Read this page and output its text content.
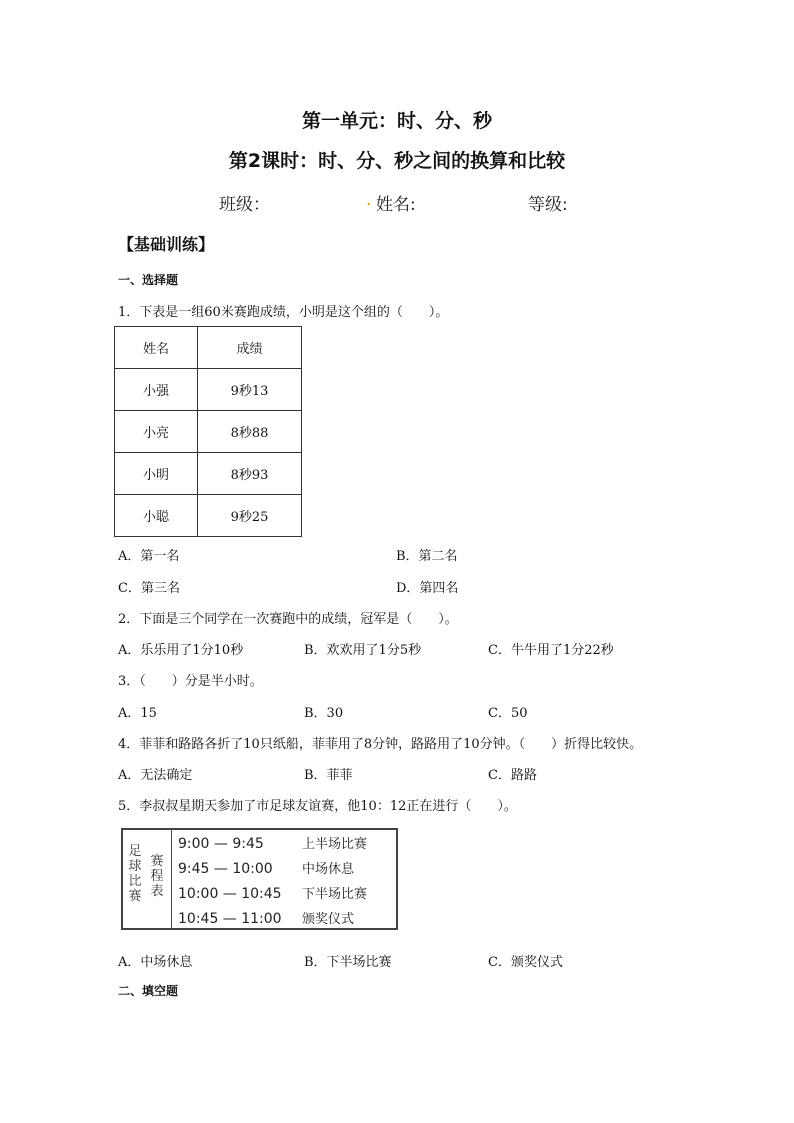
第一单元：时、分、秒
第2课时：时、分、秒之间的换算和比较
班级：	. 姓名:	等级:
【基础训练】
一、选择题
1．下表是一组60米赛跑成绩，小明是这个组的（　　）。
姓名	成绩
小强	9秒13
小亮	8秒88
小明	8秒93
小聪	9秒25
A．第一名	B．第二名
C．第三名	D．第四名
2．下面是三个同学在一次赛跑中的成绩，冠军是（　　）。
A．乐乐用了1分10秒	B．欢欢用了1分5秒	C．牛牛用了1分22秒
3．（　　）分是半小时。
A．15	B．30	C．50
4．菲菲和路路各折了10只纸船，菲菲用了8分钟，路路用了10分钟。（　　）折得比较快。
A．无法确定	B．菲菲	C．路路
5．李叔叔星期天参加了市足球友谊赛，他10：12正在进行（　　）。
足球比赛
赛程表
9:00 — 9:45	上半场比赛
9:45 — 10:00 中场休息
10:00 — 10:45 下半场比赛
10:45 — 11:00 颁奖仪式
A．中场休息	B．下半场比赛	C．颁奖仪式
二、填空题
